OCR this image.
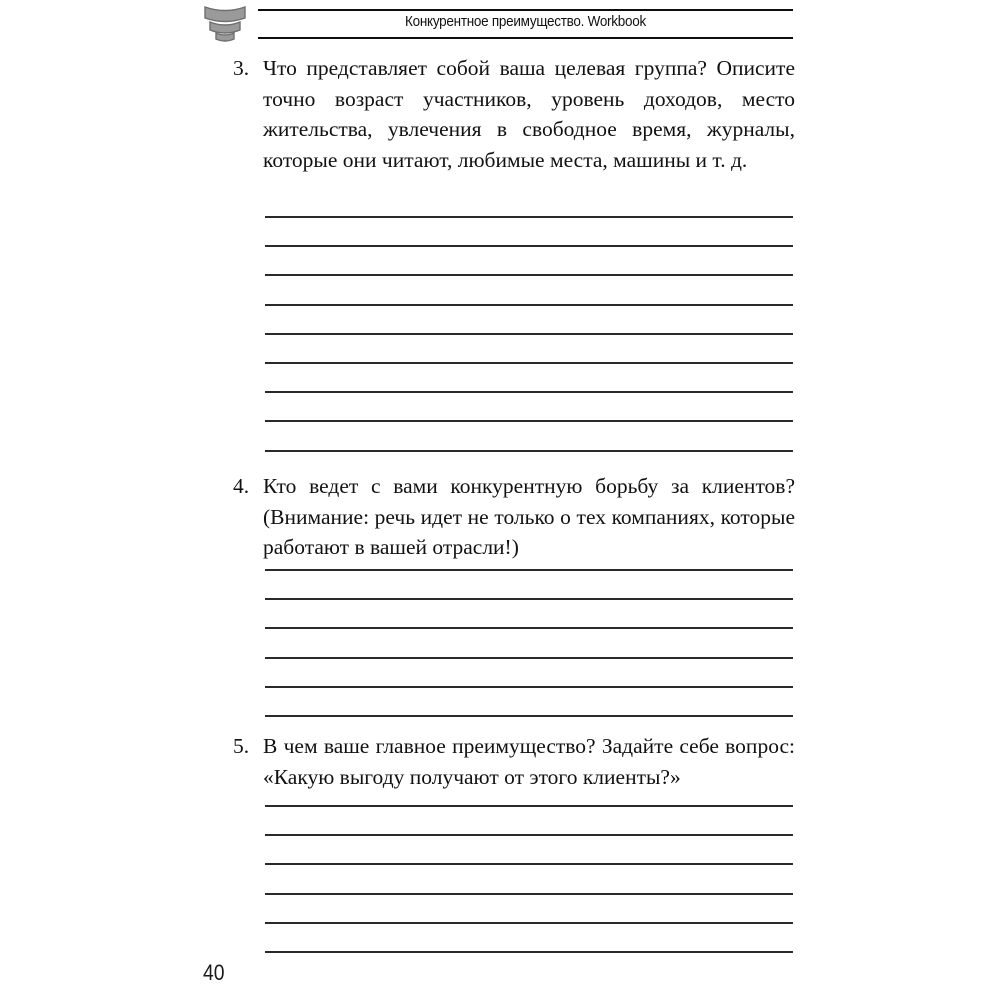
Конкурентное преимущество. Workbook
3. Что представляет собой ваша целевая группа? Описите точно возраст участников, уровень доходов, место жительства, увлечения в свободное время, журналы, которые они читают, любимые места, машины и т. д.
4. Кто ведет с вами конкурентную борьбу за клиентов? (Внимание: речь идет не только о тех компаниях, которые работают в вашей отрасли!)
5. В чем ваше главное преимущество? Задайте себе вопрос: «Какую выгоду получают от этого клиенты?»
40
